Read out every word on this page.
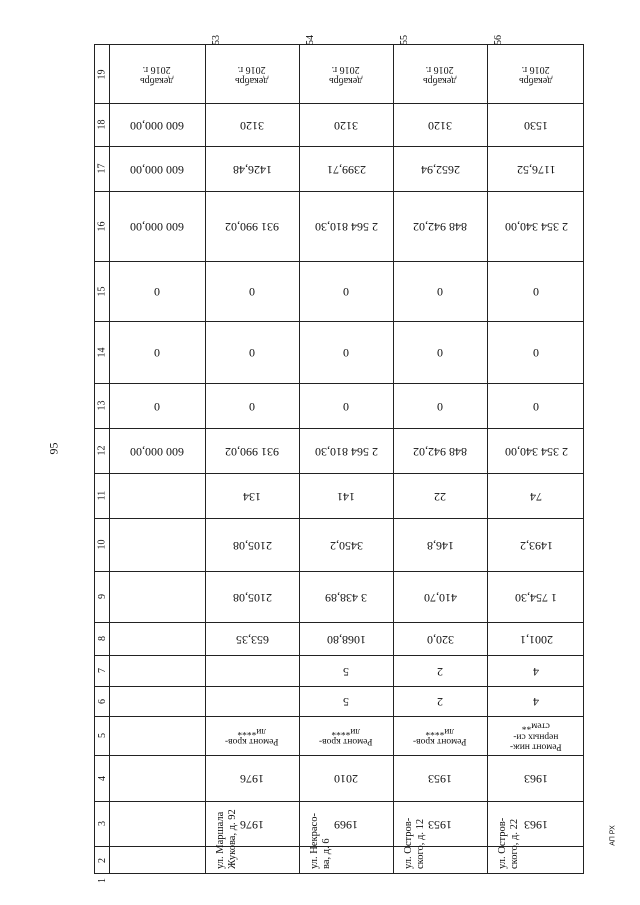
95
АП РХ
1
2
3
4
5
6
7
8
9
10
11
12
13
14
15
16
17
18
19
600 000,00
0
0
0
600 000,00
600 000,00
600 000,00
декабрь
2016 г.
653,35
2105,08
2105,08
134
931 990,02
0
0
0
931 990,02
1426,48
3120
1976
1976
Ремонт кров-
ли****
декабрь
2016 г.
ул. Маршала Жукова, д. 92
53
5
5
1068,80
3 438,89
3450,2
141
2 564 810,30
0
0
0
2 564 810,30
2399,71
3120
1969
2010
Ремонт кров-
ли****
декабрь
2016 г.
ул. Некрасо- ва, д. 6
54
2
2
320,0
410,70
146,8
22
848 942,02
0
0
0
848 942,02
2652,94
3120
1953
1953
Ремонт кров-
ли****
декабрь
2016 г.
ул. Остров- ского, д. 12
55
4
4
2001,1
1 754,30
1493,2
74
2 354 340,00
0
0
0
2 354 340,00
1176,52
1530
1963
1963
Ремонт ниж-
нерных си-
стем**
декабрь
2016 г.
ул. Остров- ского, д. 22
56
